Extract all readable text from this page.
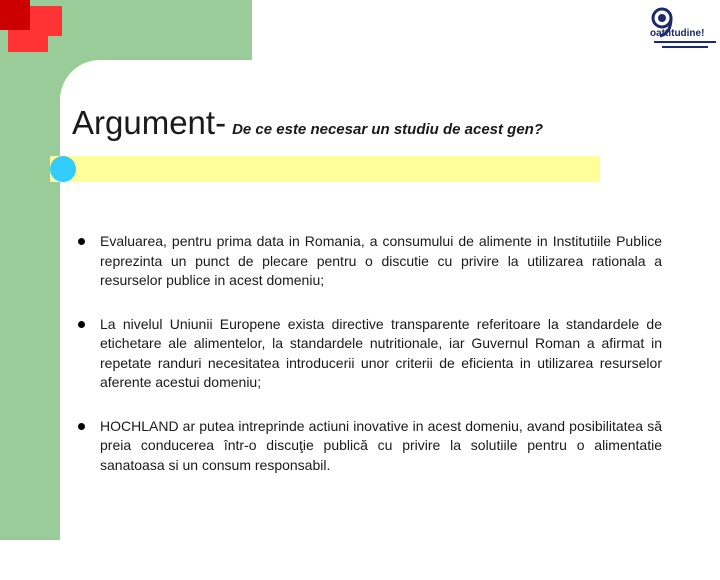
oattitudine!
Argument- De ce este necesar un studiu de acest gen?
Evaluarea, pentru prima data in Romania, a consumului de alimente in Institutiile Publice reprezinta un punct de plecare pentru o discutie cu privire la utilizarea rationala a resurselor publice in acest domeniu;
La nivelul Uniunii Europene exista directive transparente referitoare la standardele de etichetare ale alimentelor, la standardele nutritionale, iar Guvernul Roman a afirmat in repetate randuri necesitatea introducerii unor criterii de eficienta in utilizarea resurselor aferente acestui domeniu;
HOCHLAND ar putea intreprinde actiuni inovative in acest domeniu, avand posibilitatea să preia conducerea într-o discuţie publică cu privire la solutiile pentru o alimentatie sanatoasa si un consum responsabil.
